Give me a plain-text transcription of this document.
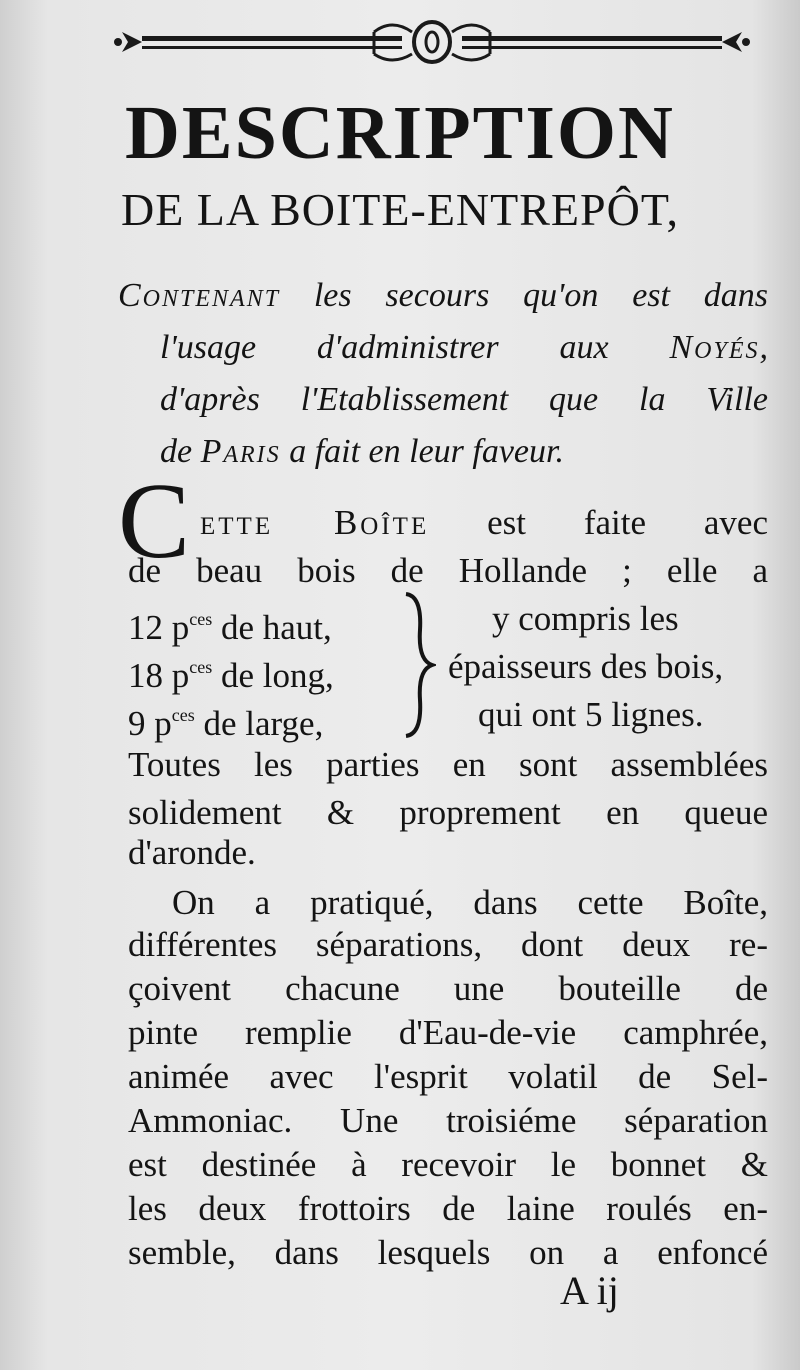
DESCRIPTION
DE LA BOITE-ENTREPÔT,
Contenant les secours qu'on est dans
l'usage d'administrer aux Noyés,
d'après l'Etablissement que la Ville
de Paris a fait en leur faveur.
C ette Boîte est faite avec
de beau bois de Hollande ; elle a
12 $p^{ces}$ de haut,
18 $p^{ces}$ de long,
9 $p^{ces}$ de large,
y compris les
épaisseurs des bois,
qui ont 5 lignes.
Toutes les parties en sont assemblées
solidement & proprement en queue
d'aronde.
On a pratiqué, dans cette Boîte,
différentes séparations, dont deux re-
çoivent chacune une bouteille de
pinte remplie d'Eau-de-vie camphrée,
animée avec l'esprit volatil de Sel-
Ammoniac. Une troisiéme séparation
est destinée à recevoir le bonnet &
les deux frottoirs de laine roulés en-
semble, dans lesquels on a enfoncé
A ij
